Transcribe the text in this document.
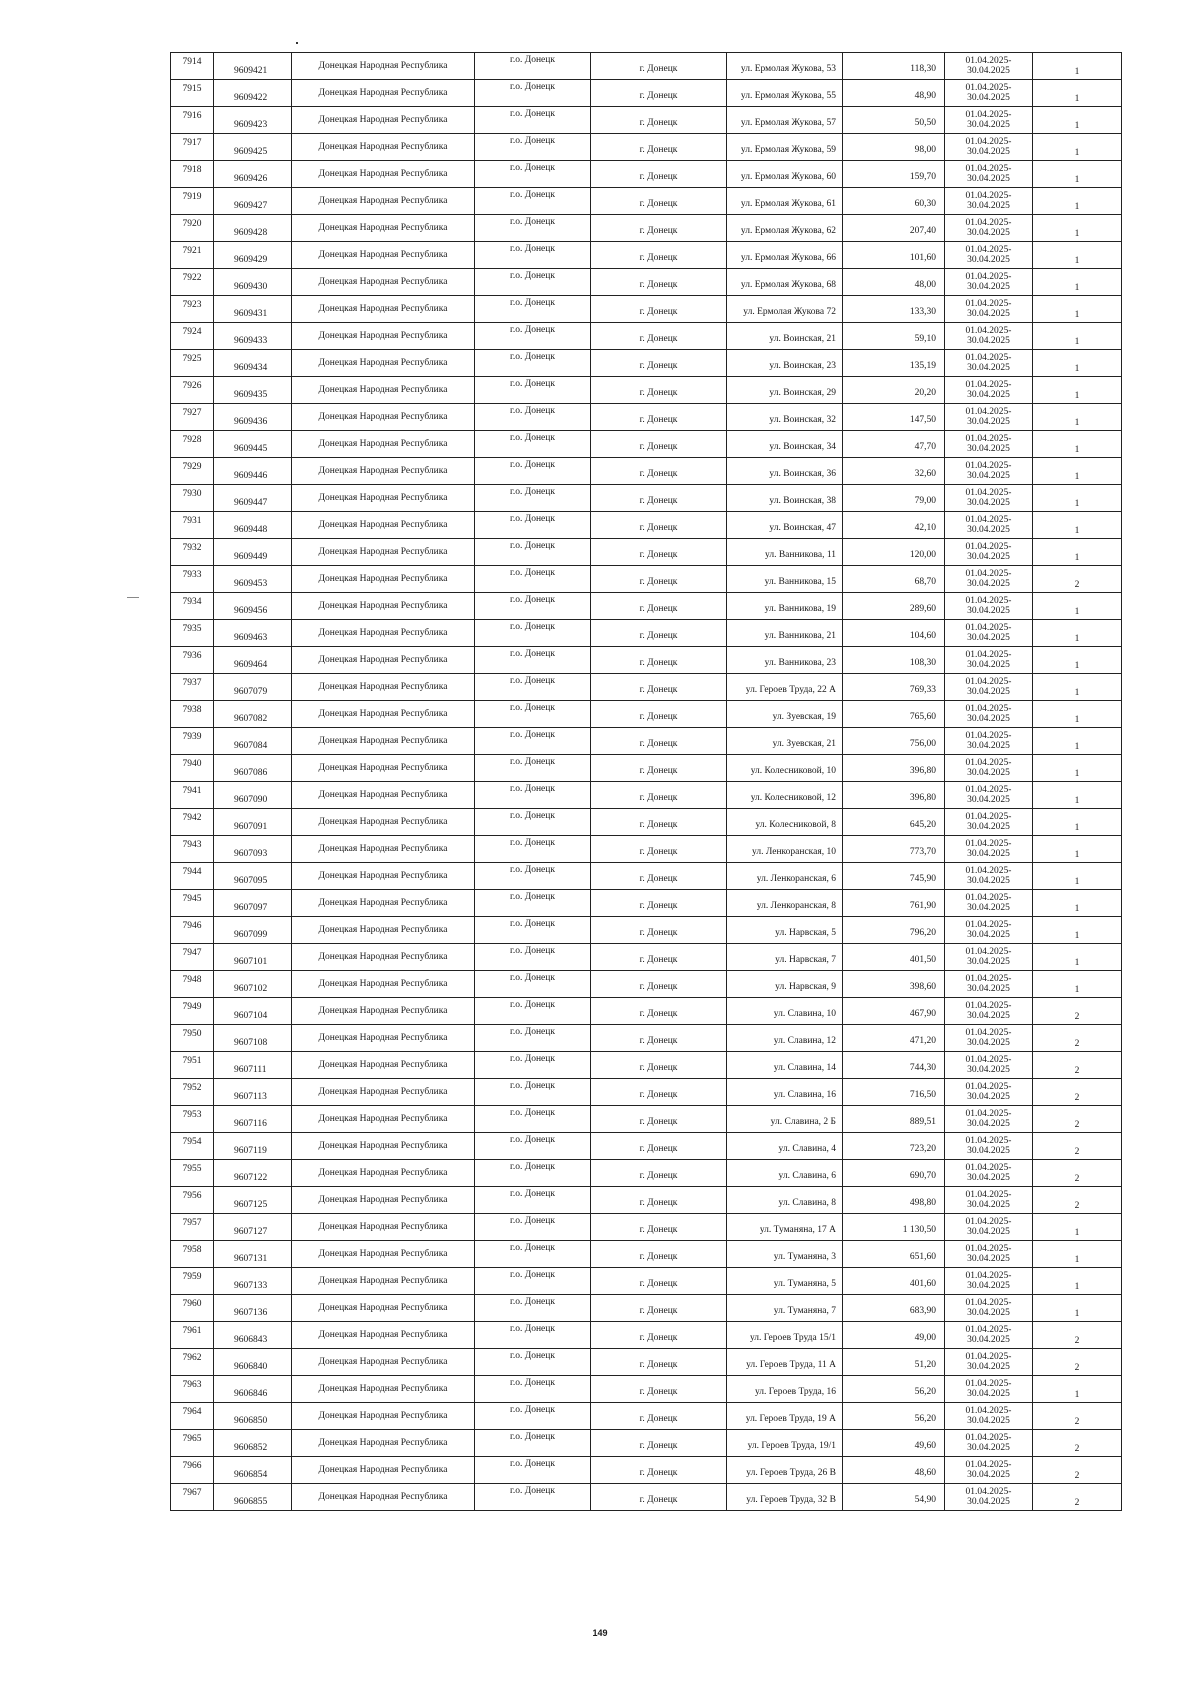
7914	9609421	Донецкая Народная Республика	г.о. Донецк	г. Донецк	ул. Ермолая Жукова, 53	118,30	01.04.2025-
30.04.2025	1
7915	9609422	Донецкая Народная Республика	г.о. Донецк	г. Донецк	ул. Ермолая Жукова, 55	48,90	01.04.2025-
30.04.2025	1
7916	9609423	Донецкая Народная Республика	г.о. Донецк	г. Донецк	ул. Ермолая Жукова, 57	50,50	01.04.2025-
30.04.2025	1
7917	9609425	Донецкая Народная Республика	г.о. Донецк	г. Донецк	ул. Ермолая Жукова, 59	98,00	01.04.2025-
30.04.2025	1
7918	9609426	Донецкая Народная Республика	г.о. Донецк	г. Донецк	ул. Ермолая Жукова, 60	159,70	01.04.2025-
30.04.2025	1
7919	9609427	Донецкая Народная Республика	г.о. Донецк	г. Донецк	ул. Ермолая Жукова, 61	60,30	01.04.2025-
30.04.2025	1
7920	9609428	Донецкая Народная Республика	г.о. Донецк	г. Донецк	ул. Ермолая Жукова, 62	207,40	01.04.2025-
30.04.2025	1
7921	9609429	Донецкая Народная Республика	г.о. Донецк	г. Донецк	ул. Ермолая Жукова, 66	101,60	01.04.2025-
30.04.2025	1
7922	9609430	Донецкая Народная Республика	г.о. Донецк	г. Донецк	ул. Ермолая Жукова, 68	48,00	01.04.2025-
30.04.2025	1
7923	9609431	Донецкая Народная Республика	г.о. Донецк	г. Донецк	ул. Ермолая Жукова 72	133,30	01.04.2025-
30.04.2025	1
7924	9609433	Донецкая Народная Республика	г.о. Донецк	г. Донецк	ул. Воинская, 21	59,10	01.04.2025-
30.04.2025	1
7925	9609434	Донецкая Народная Республика	г.о. Донецк	г. Донецк	ул. Воинская, 23	135,19	01.04.2025-
30.04.2025	1
7926	9609435	Донецкая Народная Республика	г.о. Донецк	г. Донецк	ул. Воинская, 29	20,20	01.04.2025-
30.04.2025	1
7927	9609436	Донецкая Народная Республика	г.о. Донецк	г. Донецк	ул. Воинская, 32	147,50	01.04.2025-
30.04.2025	1
7928	9609445	Донецкая Народная Республика	г.о. Донецк	г. Донецк	ул. Воинская, 34	47,70	01.04.2025-
30.04.2025	1
7929	9609446	Донецкая Народная Республика	г.о. Донецк	г. Донецк	ул. Воинская, 36	32,60	01.04.2025-
30.04.2025	1
7930	9609447	Донецкая Народная Республика	г.о. Донецк	г. Донецк	ул. Воинская, 38	79,00	01.04.2025-
30.04.2025	1
7931	9609448	Донецкая Народная Республика	г.о. Донецк	г. Донецк	ул. Воинская, 47	42,10	01.04.2025-
30.04.2025	1
7932	9609449	Донецкая Народная Республика	г.о. Донецк	г. Донецк	ул. Ванникова, 11	120,00	01.04.2025-
30.04.2025	1
7933	9609453	Донецкая Народная Республика	г.о. Донецк	г. Донецк	ул. Ванникова, 15	68,70	01.04.2025-
30.04.2025	2
7934	9609456	Донецкая Народная Республика	г.о. Донецк	г. Донецк	ул. Ванникова, 19	289,60	01.04.2025-
30.04.2025	1
7935	9609463	Донецкая Народная Республика	г.о. Донецк	г. Донецк	ул. Ванникова, 21	104,60	01.04.2025-
30.04.2025	1
7936	9609464	Донецкая Народная Республика	г.о. Донецк	г. Донецк	ул. Ванникова, 23	108,30	01.04.2025-
30.04.2025	1
7937	9607079	Донецкая Народная Республика	г.о. Донецк	г. Донецк	ул. Героев Труда, 22 А	769,33	01.04.2025-
30.04.2025	1
7938	9607082	Донецкая Народная Республика	г.о. Донецк	г. Донецк	ул. Зуевская, 19	765,60	01.04.2025-
30.04.2025	1
7939	9607084	Донецкая Народная Республика	г.о. Донецк	г. Донецк	ул. Зуевская, 21	756,00	01.04.2025-
30.04.2025	1
7940	9607086	Донецкая Народная Республика	г.о. Донецк	г. Донецк	ул. Колесниковой, 10	396,80	01.04.2025-
30.04.2025	1
7941	9607090	Донецкая Народная Республика	г.о. Донецк	г. Донецк	ул. Колесниковой, 12	396,80	01.04.2025-
30.04.2025	1
7942	9607091	Донецкая Народная Республика	г.о. Донецк	г. Донецк	ул. Колесниковой, 8	645,20	01.04.2025-
30.04.2025	1
7943	9607093	Донецкая Народная Республика	г.о. Донецк	г. Донецк	ул. Ленкоранская, 10	773,70	01.04.2025-
30.04.2025	1
7944	9607095	Донецкая Народная Республика	г.о. Донецк	г. Донецк	ул. Ленкоранская, 6	745,90	01.04.2025-
30.04.2025	1
7945	9607097	Донецкая Народная Республика	г.о. Донецк	г. Донецк	ул. Ленкоранская, 8	761,90	01.04.2025-
30.04.2025	1
7946	9607099	Донецкая Народная Республика	г.о. Донецк	г. Донецк	ул. Нарвская, 5	796,20	01.04.2025-
30.04.2025	1
7947	9607101	Донецкая Народная Республика	г.о. Донецк	г. Донецк	ул. Нарвская, 7	401,50	01.04.2025-
30.04.2025	1
7948	9607102	Донецкая Народная Республика	г.о. Донецк	г. Донецк	ул. Нарвская, 9	398,60	01.04.2025-
30.04.2025	1
7949	9607104	Донецкая Народная Республика	г.о. Донецк	г. Донецк	ул. Славина, 10	467,90	01.04.2025-
30.04.2025	2
7950	9607108	Донецкая Народная Республика	г.о. Донецк	г. Донецк	ул. Славина, 12	471,20	01.04.2025-
30.04.2025	2
7951	9607111	Донецкая Народная Республика	г.о. Донецк	г. Донецк	ул. Славина, 14	744,30	01.04.2025-
30.04.2025	2
7952	9607113	Донецкая Народная Республика	г.о. Донецк	г. Донецк	ул. Славина, 16	716,50	01.04.2025-
30.04.2025	2
7953	9607116	Донецкая Народная Республика	г.о. Донецк	г. Донецк	ул. Славина, 2 Б	889,51	01.04.2025-
30.04.2025	2
7954	9607119	Донецкая Народная Республика	г.о. Донецк	г. Донецк	ул. Славина, 4	723,20	01.04.2025-
30.04.2025	2
7955	9607122	Донецкая Народная Республика	г.о. Донецк	г. Донецк	ул. Славина, 6	690,70	01.04.2025-
30.04.2025	2
7956	9607125	Донецкая Народная Республика	г.о. Донецк	г. Донецк	ул. Славина, 8	498,80	01.04.2025-
30.04.2025	2
7957	9607127	Донецкая Народная Республика	г.о. Донецк	г. Донецк	ул. Туманяна, 17 А	1 130,50	01.04.2025-
30.04.2025	1
7958	9607131	Донецкая Народная Республика	г.о. Донецк	г. Донецк	ул. Туманяна, 3	651,60	01.04.2025-
30.04.2025	1
7959	9607133	Донецкая Народная Республика	г.о. Донецк	г. Донецк	ул. Туманяна, 5	401,60	01.04.2025-
30.04.2025	1
7960	9607136	Донецкая Народная Республика	г.о. Донецк	г. Донецк	ул. Туманяна, 7	683,90	01.04.2025-
30.04.2025	1
7961	9606843	Донецкая Народная Республика	г.о. Донецк	г. Донецк	ул. Героев Труда 15/1	49,00	01.04.2025-
30.04.2025	2
7962	9606840	Донецкая Народная Республика	г.о. Донецк	г. Донецк	ул. Героев Труда, 11 А	51,20	01.04.2025-
30.04.2025	2
7963	9606846	Донецкая Народная Республика	г.о. Донецк	г. Донецк	ул. Героев Труда, 16	56,20	01.04.2025-
30.04.2025	1
7964	9606850	Донецкая Народная Республика	г.о. Донецк	г. Донецк	ул. Героев Труда, 19 А	56,20	01.04.2025-
30.04.2025	2
7965	9606852	Донецкая Народная Республика	г.о. Донецк	г. Донецк	ул. Героев Труда, 19/1	49,60	01.04.2025-
30.04.2025	2
7966	9606854	Донецкая Народная Республика	г.о. Донецк	г. Донецк	ул. Героев Труда, 26 В	48,60	01.04.2025-
30.04.2025	2
7967	9606855	Донецкая Народная Республика	г.о. Донецк	г. Донецк	ул. Героев Труда, 32 В	54,90	01.04.2025-
30.04.2025	2
149
